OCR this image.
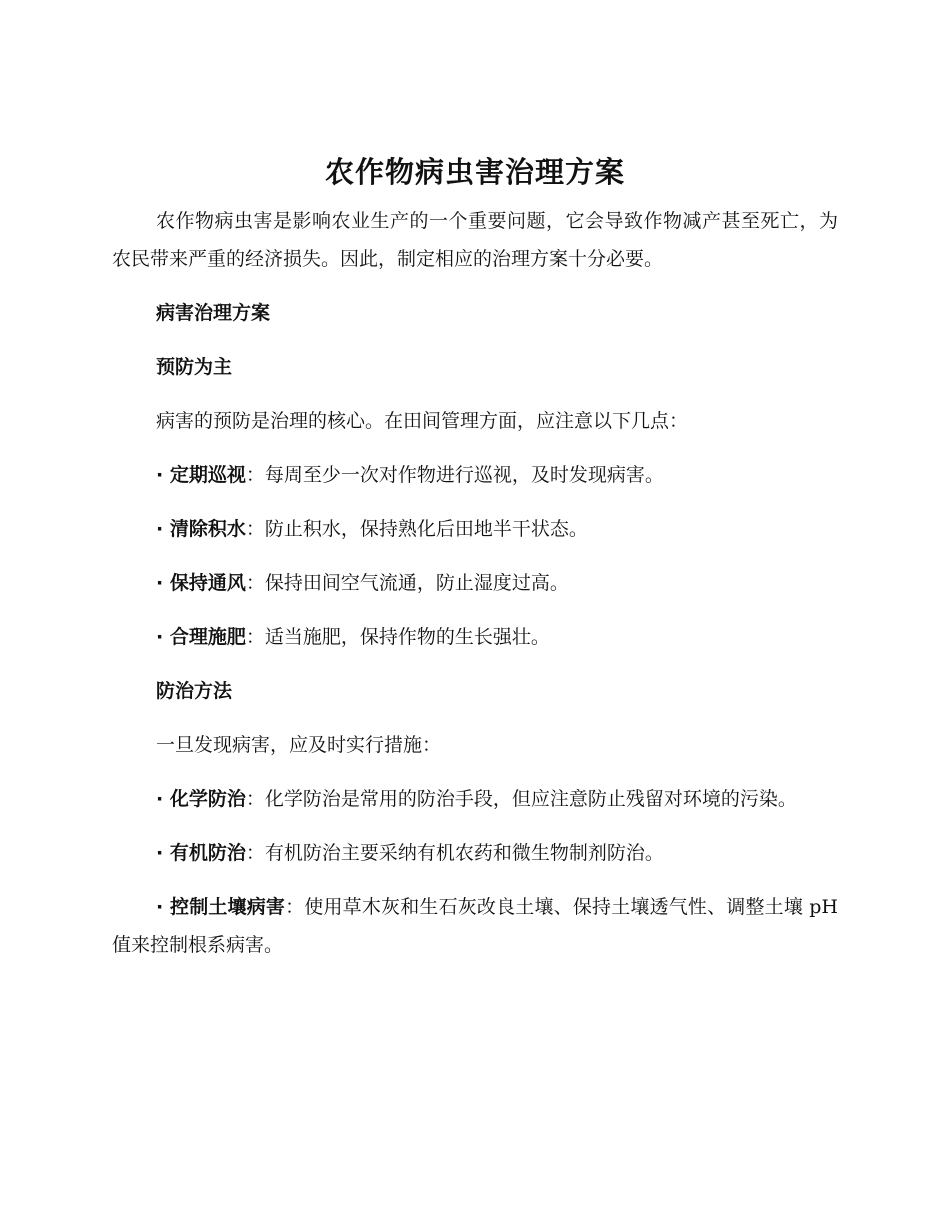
农作物病虫害治理方案

农作物病虫害是影响农业生产的一个重要问题，它会导致作物减产甚至死亡，为农民带来严重的经济损失。因此，制定相应的治理方案十分必要。

病害治理方案
预防为主

病害的预防是治理的核心。在田间管理方面，应注意以下几点：

· 定期巡视：每周至少一次对作物进行巡视，及时发现病害。

· 清除积水：防止积水，保持熟化后田地半干状态。

· 保持通风：保持田间空气流通，防止湿度过高。

· 合理施肥：适当施肥，保持作物的生长强壮。

防治方法

一旦发现病害，应及时实行措施：

· 化学防治：化学防治是常用的防治手段，但应注意防止残留对环境的污染。

· 有机防治：有机防治主要采纳有机农药和微生物制剂防治。

· 控制土壤病害：使用草木灰和生石灰改良土壤、保持土壤透气性、调整土壤 pH 值来控制根系病害。
